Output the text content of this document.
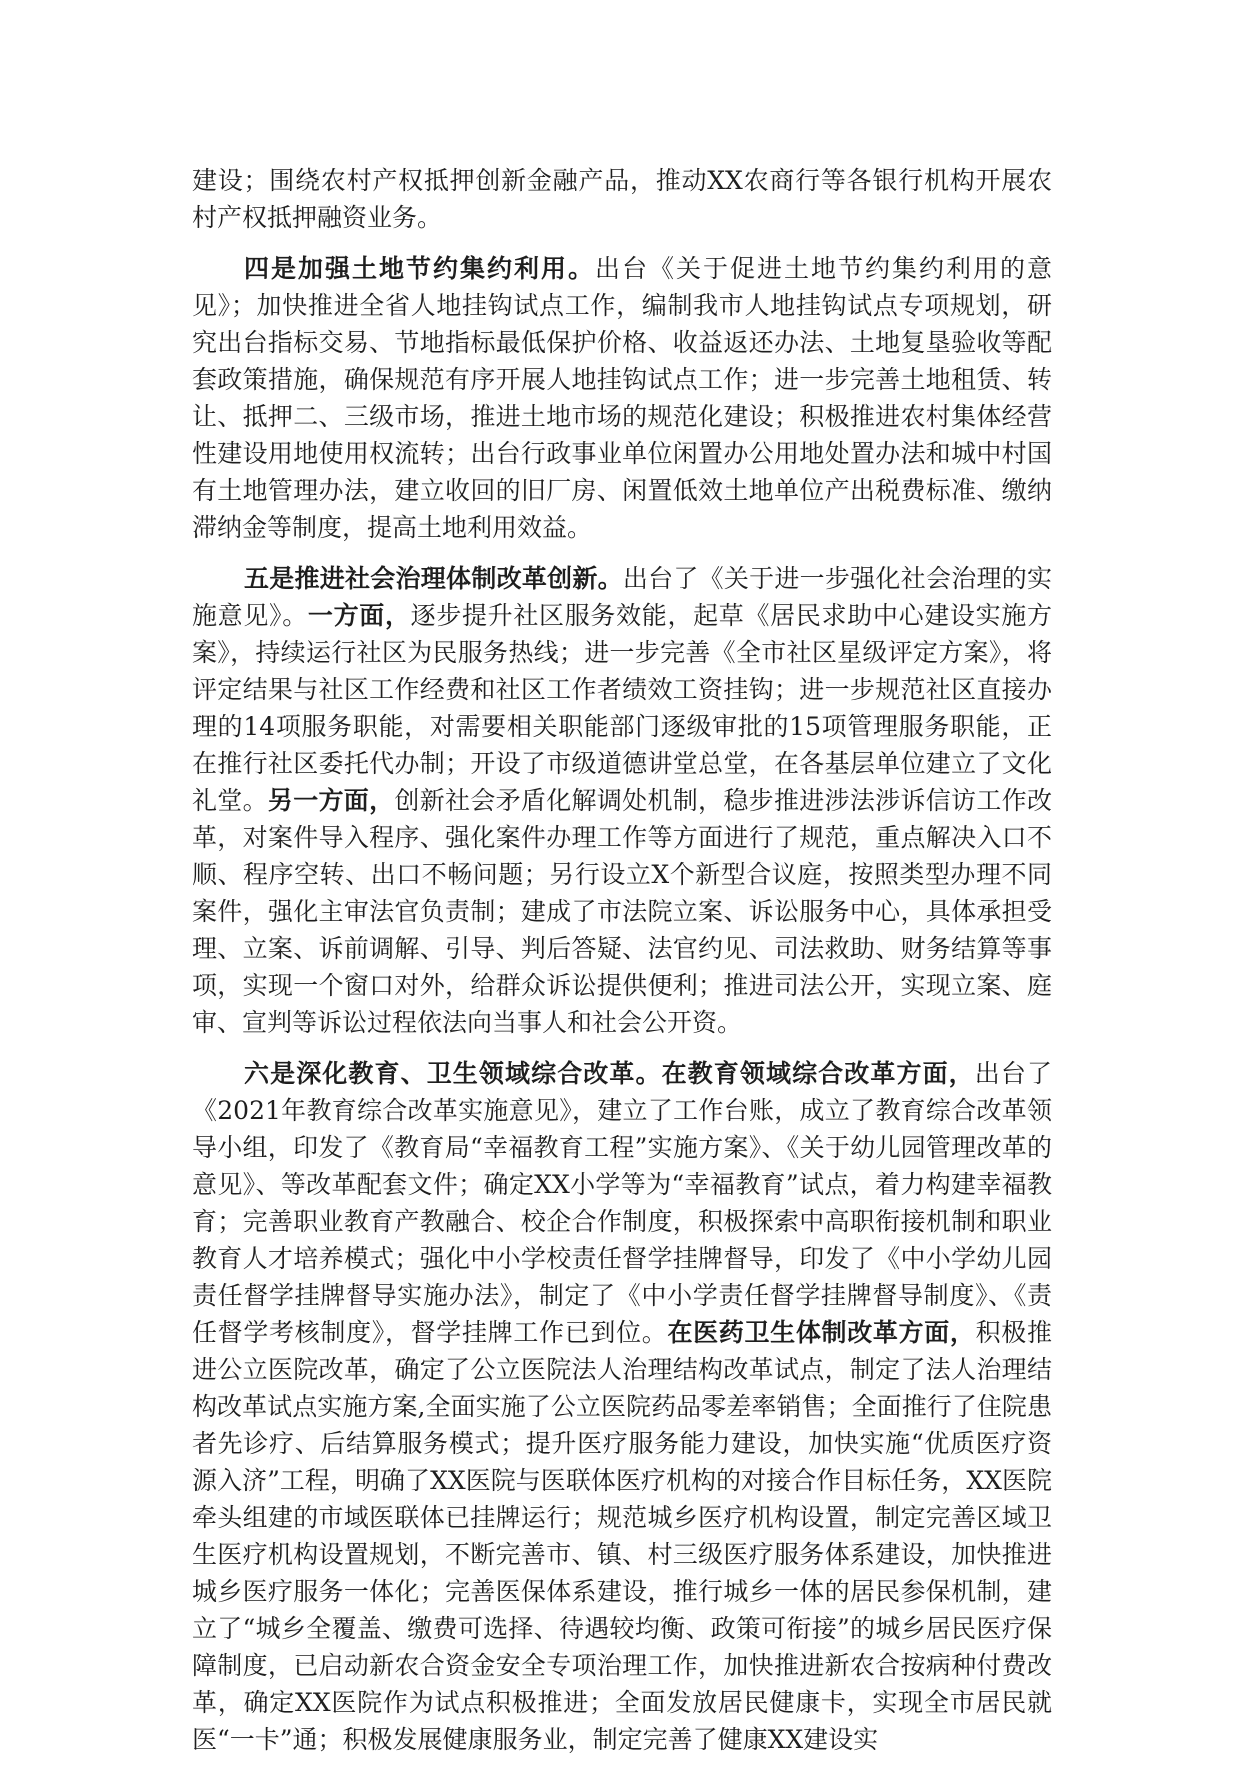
建设；围绕农村产权抵押创新金融产品，推动XX农商行等各银行机构开展农村产权抵押融资业务。

四是加强土地节约集约利用。出台《关于促进土地节约集约利用的意见》；加快推进全省人地挂钩试点工作，编制我市人地挂钩试点专项规划，研究出台指标交易、节地指标最低保护价格、收益返还办法、土地复垦验收等配套政策措施，确保规范有序开展人地挂钩试点工作；进一步完善土地租赁、转让、抵押二、三级市场，推进土地市场的规范化建设；积极推进农村集体经营性建设用地使用权流转；出台行政事业单位闲置办公用地处置办法和城中村国有土地管理办法，建立收回的旧厂房、闲置低效土地单位产出税费标准、缴纳滞纳金等制度，提高土地利用效益。

五是推进社会治理体制改革创新。出台了《关于进一步强化社会治理的实施意见》。一方面，逐步提升社区服务效能，起草《居民求助中心建设实施方案》，持续运行社区为民服务热线；进一步完善《全市社区星级评定方案》，将评定结果与社区工作经费和社区工作者绩效工资挂钩；进一步规范社区直接办理的14项服务职能，对需要相关职能部门逐级审批的15项管理服务职能，正在推行社区委托代办制；开设了市级道德讲堂总堂，在各基层单位建立了文化礼堂。另一方面，创新社会矛盾化解调处机制，稳步推进涉法涉诉信访工作改革，对案件导入程序、强化案件办理工作等方面进行了规范，重点解决入口不顺、程序空转、出口不畅问题；另行设立X个新型合议庭，按照类型办理不同案件，强化主审法官负责制；建成了市法院立案、诉讼服务中心，具体承担受理、立案、诉前调解、引导、判后答疑、法官约见、司法救助、财务结算等事项，实现一个窗口对外，给群众诉讼提供便利；推进司法公开，实现立案、庭审、宣判等诉讼过程依法向当事人和社会公开资。

六是深化教育、卫生领域综合改革。在教育领域综合改革方面，出台了《2021年教育综合改革实施意见》，建立了工作台账，成立了教育综合改革领导小组，印发了《教育局“幸福教育工程”实施方案》、《关于幼儿园管理改革的意见》、等改革配套文件；确定XX小学等为“幸福教育”试点，着力构建幸福教育；完善职业教育产教融合、校企合作制度，积极探索中高职衔接机制和职业教育人才培养模式；强化中小学校责任督学挂牌督导，印发了《中小学幼儿园责任督学挂牌督导实施办法》，制定了《中小学责任督学挂牌督导制度》、《责任督学考核制度》，督学挂牌工作已到位。在医药卫生体制改革方面，积极推进公立医院改革，确定了公立医院法人治理结构改革试点，制定了法人治理结构改革试点实施方案,全面实施了公立医院药品零差率销售；全面推行了住院患者先诊疗、后结算服务模式；提升医疗服务能力建设，加快实施“优质医疗资源入济”工程，明确了XX医院与医联体医疗机构的对接合作目标任务，XX医院牵头组建的市域医联体已挂牌运行；规范城乡医疗机构设置，制定完善区域卫生医疗机构设置规划，不断完善市、镇、村三级医疗服务体系建设，加快推进城乡医疗服务一体化；完善医保体系建设，推行城乡一体的居民参保机制，建立了“城乡全覆盖、缴费可选择、待遇较均衡、政策可衔接”的城乡居民医疗保障制度，已启动新农合资金安全专项治理工作，加快推进新农合按病种付费改革，确定XX医院作为试点积极推进；全面发放居民健康卡，实现全市居民就医“一卡”通；积极发展健康服务业，制定完善了健康XX建设实
